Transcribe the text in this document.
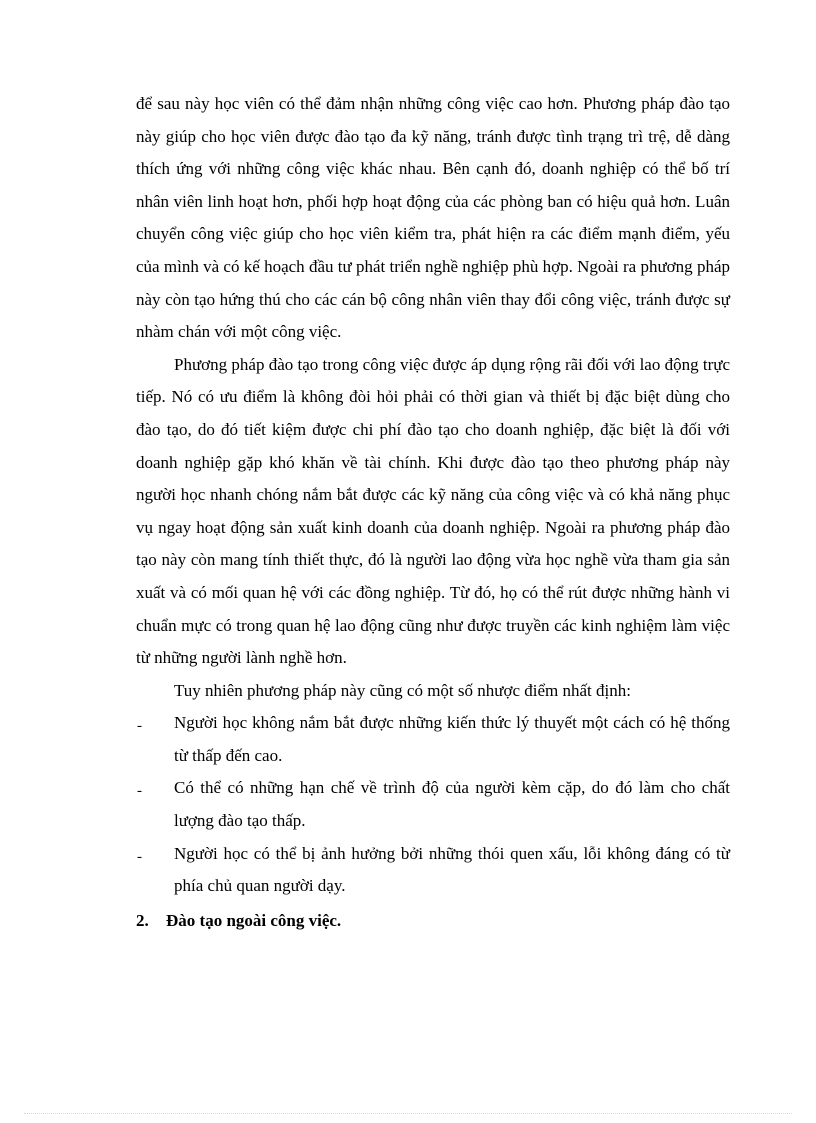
để sau này học viên có thể đảm nhận những công việc cao hơn. Phương pháp đào tạo này giúp cho học viên được đào tạo đa kỹ năng, tránh được tình trạng trì trệ, dễ dàng thích ứng với những công việc khác nhau. Bên cạnh đó, doanh nghiệp có thể bố trí nhân viên linh hoạt hơn, phối hợp hoạt động của các phòng ban có hiệu quả hơn. Luân chuyển công việc giúp cho học viên kiểm tra, phát hiện ra các điểm mạnh điểm, yếu của mình và có kế hoạch đầu tư phát triển nghề nghiệp phù hợp. Ngoài ra phương pháp này còn tạo hứng thú cho các cán bộ công nhân viên thay đổi công việc, tránh được sự nhàm chán với một công việc.

Phương pháp đào tạo trong công việc được áp dụng rộng rãi đối với lao động trực tiếp. Nó có ưu điểm là không đòi hỏi phải có thời gian và thiết bị đặc biệt dùng cho đào tạo, do đó tiết kiệm được chi phí đào tạo cho doanh nghiệp, đặc biệt là đối với doanh nghiệp gặp khó khăn về tài chính. Khi được đào tạo theo phương pháp này người học nhanh chóng nắm bắt được các kỹ năng của công việc và có khả năng phục vụ ngay hoạt động sản xuất kinh doanh của doanh nghiệp. Ngoài ra phương pháp đào tạo này còn mang tính thiết thực, đó là người lao động vừa học nghề vừa tham gia sản xuất và có mối quan hệ với các đồng nghiệp. Từ đó, họ có thể rút được những hành vi chuẩn mực có trong quan hệ lao động cũng như được truyền các kinh nghiệm làm việc từ những người lành nghề hơn.

Tuy nhiên phương pháp này cũng có một số nhược điểm nhất định:

- Người học không nắm bắt được những kiến thức lý thuyết một cách có hệ thống từ thấp đến cao.
- Có thể có những hạn chế về trình độ của người kèm cặp, do đó làm cho chất lượng đào tạo thấp.
- Người học có thể bị ảnh hưởng bởi những thói quen xấu, lỗi không đáng có từ phía chủ quan người dạy.
2.	Đào tạo ngoài công việc.
